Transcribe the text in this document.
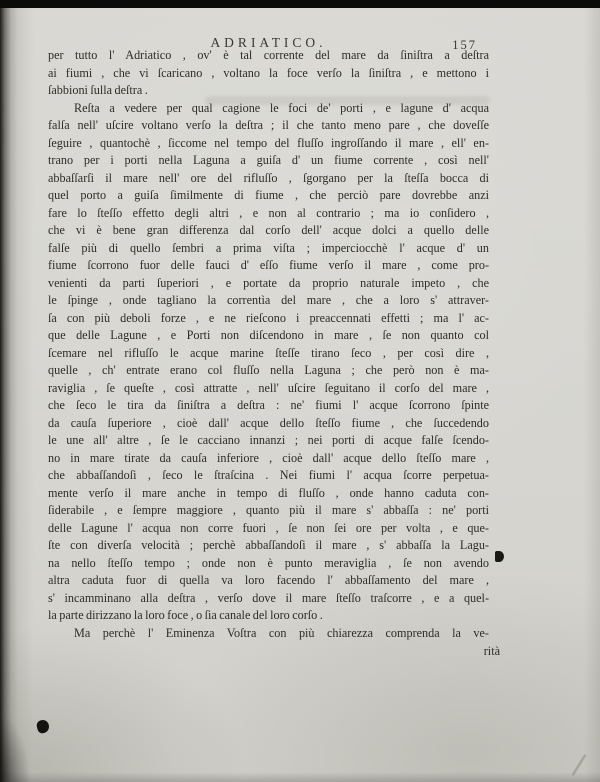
ADRIATICO.	157
per tutto l' Adriatico , ov' è tal corrente del mare da ſiniſtra a deſtra
ai fiumi , che vi ſcaricano , voltano la foce verſo la ſiniſtra , e mettono i
ſabbioni ſulla deſtra .
Reſta a vedere per qual cagione le foci de' porti , e lagune d' acqua
falſa nell' uſcire voltano verſo la deſtra ; il che tanto meno pare , che doveſſe
ſeguire , quantochè , ſiccome nel tempo del fluſſo ingroſſando il mare , ell' en-
trano per i porti nella Laguna a guiſa d' un fiume corrente , così nell'
abbaſſarſi il mare nell' ore del rifluſſo , ſgorgano per la ſteſſa bocca di
quel porto a guiſa ſimilmente di fiume , che perciò pare dovrebbe anzi
fare lo ſteſſo effetto degli altri , e non al contrario ; ma io conſidero ,
che vi è bene gran differenza dal corſo dell' acque dolci a quello delle
falſe più di quello ſembri a prima viſta ; imperciocchè l' acque d' un
fiume ſcorrono fuor delle fauci d' eſſo fiume verſo il mare , come pro-
venienti da parti ſuperiori , e portate da proprio naturale impeto , che
le ſpinge , onde tagliano la correntìa del mare , che a loro s' attraver-
ſa con più deboli forze , e ne rieſcono i preaccennati effetti ; ma l' ac-
que delle Lagune , e Porti non diſcendono in mare , ſe non quanto col
ſcemare nel rifluſſo le acque marine ſteſſe tirano ſeco , per così dire ,
quelle , ch' entrate erano col fluſſo nella Laguna ; che però non è ma-
raviglia , ſe queſte , così attratte , nell' uſcire ſeguitano il corſo del mare ,
che ſeco le tira da ſiniſtra a deſtra : ne' fiumi l' acque ſcorrono ſpinte
da cauſa ſuperiore , cioè dall' acque dello ſteſſo fiume , che ſuccedendo
le une all' altre , ſe le cacciano innanzi ; nei porti di acque falſe ſcendo-
no in mare tirate da cauſa inferiore , cioè dall' acque dello ſteſſo mare ,
che abbaſſandoſi , ſeco le ſtraſcina . Nei fiumi l' acqua ſcorre perpetua-
mente verſo il mare anche in tempo di fluſſo , onde hanno caduta con-
ſiderabile , e ſempre maggiore , quanto più il mare s' abbaſſa : ne' porti
delle Lagune l' acqua non corre fuori , ſe non ſei ore per volta , e que-
ſte con diverſa velocità ; perchè abbaſſandoſi il mare , s' abbaſſa la Lagu-
na nello ſteſſo tempo ; onde non è punto meraviglia , ſe non avendo
altra caduta fuor di quella va loro facendo l' abbaſſamento del mare ,
s' incamminano alla deſtra , verſo dove il mare ſteſſo traſcorre , e a quel-
la parte dirizzano la loro foce , o ſia canale del loro corſo .
Ma perchè l' Eminenza Voſtra con più chiarezza comprenda la ve-
rità
